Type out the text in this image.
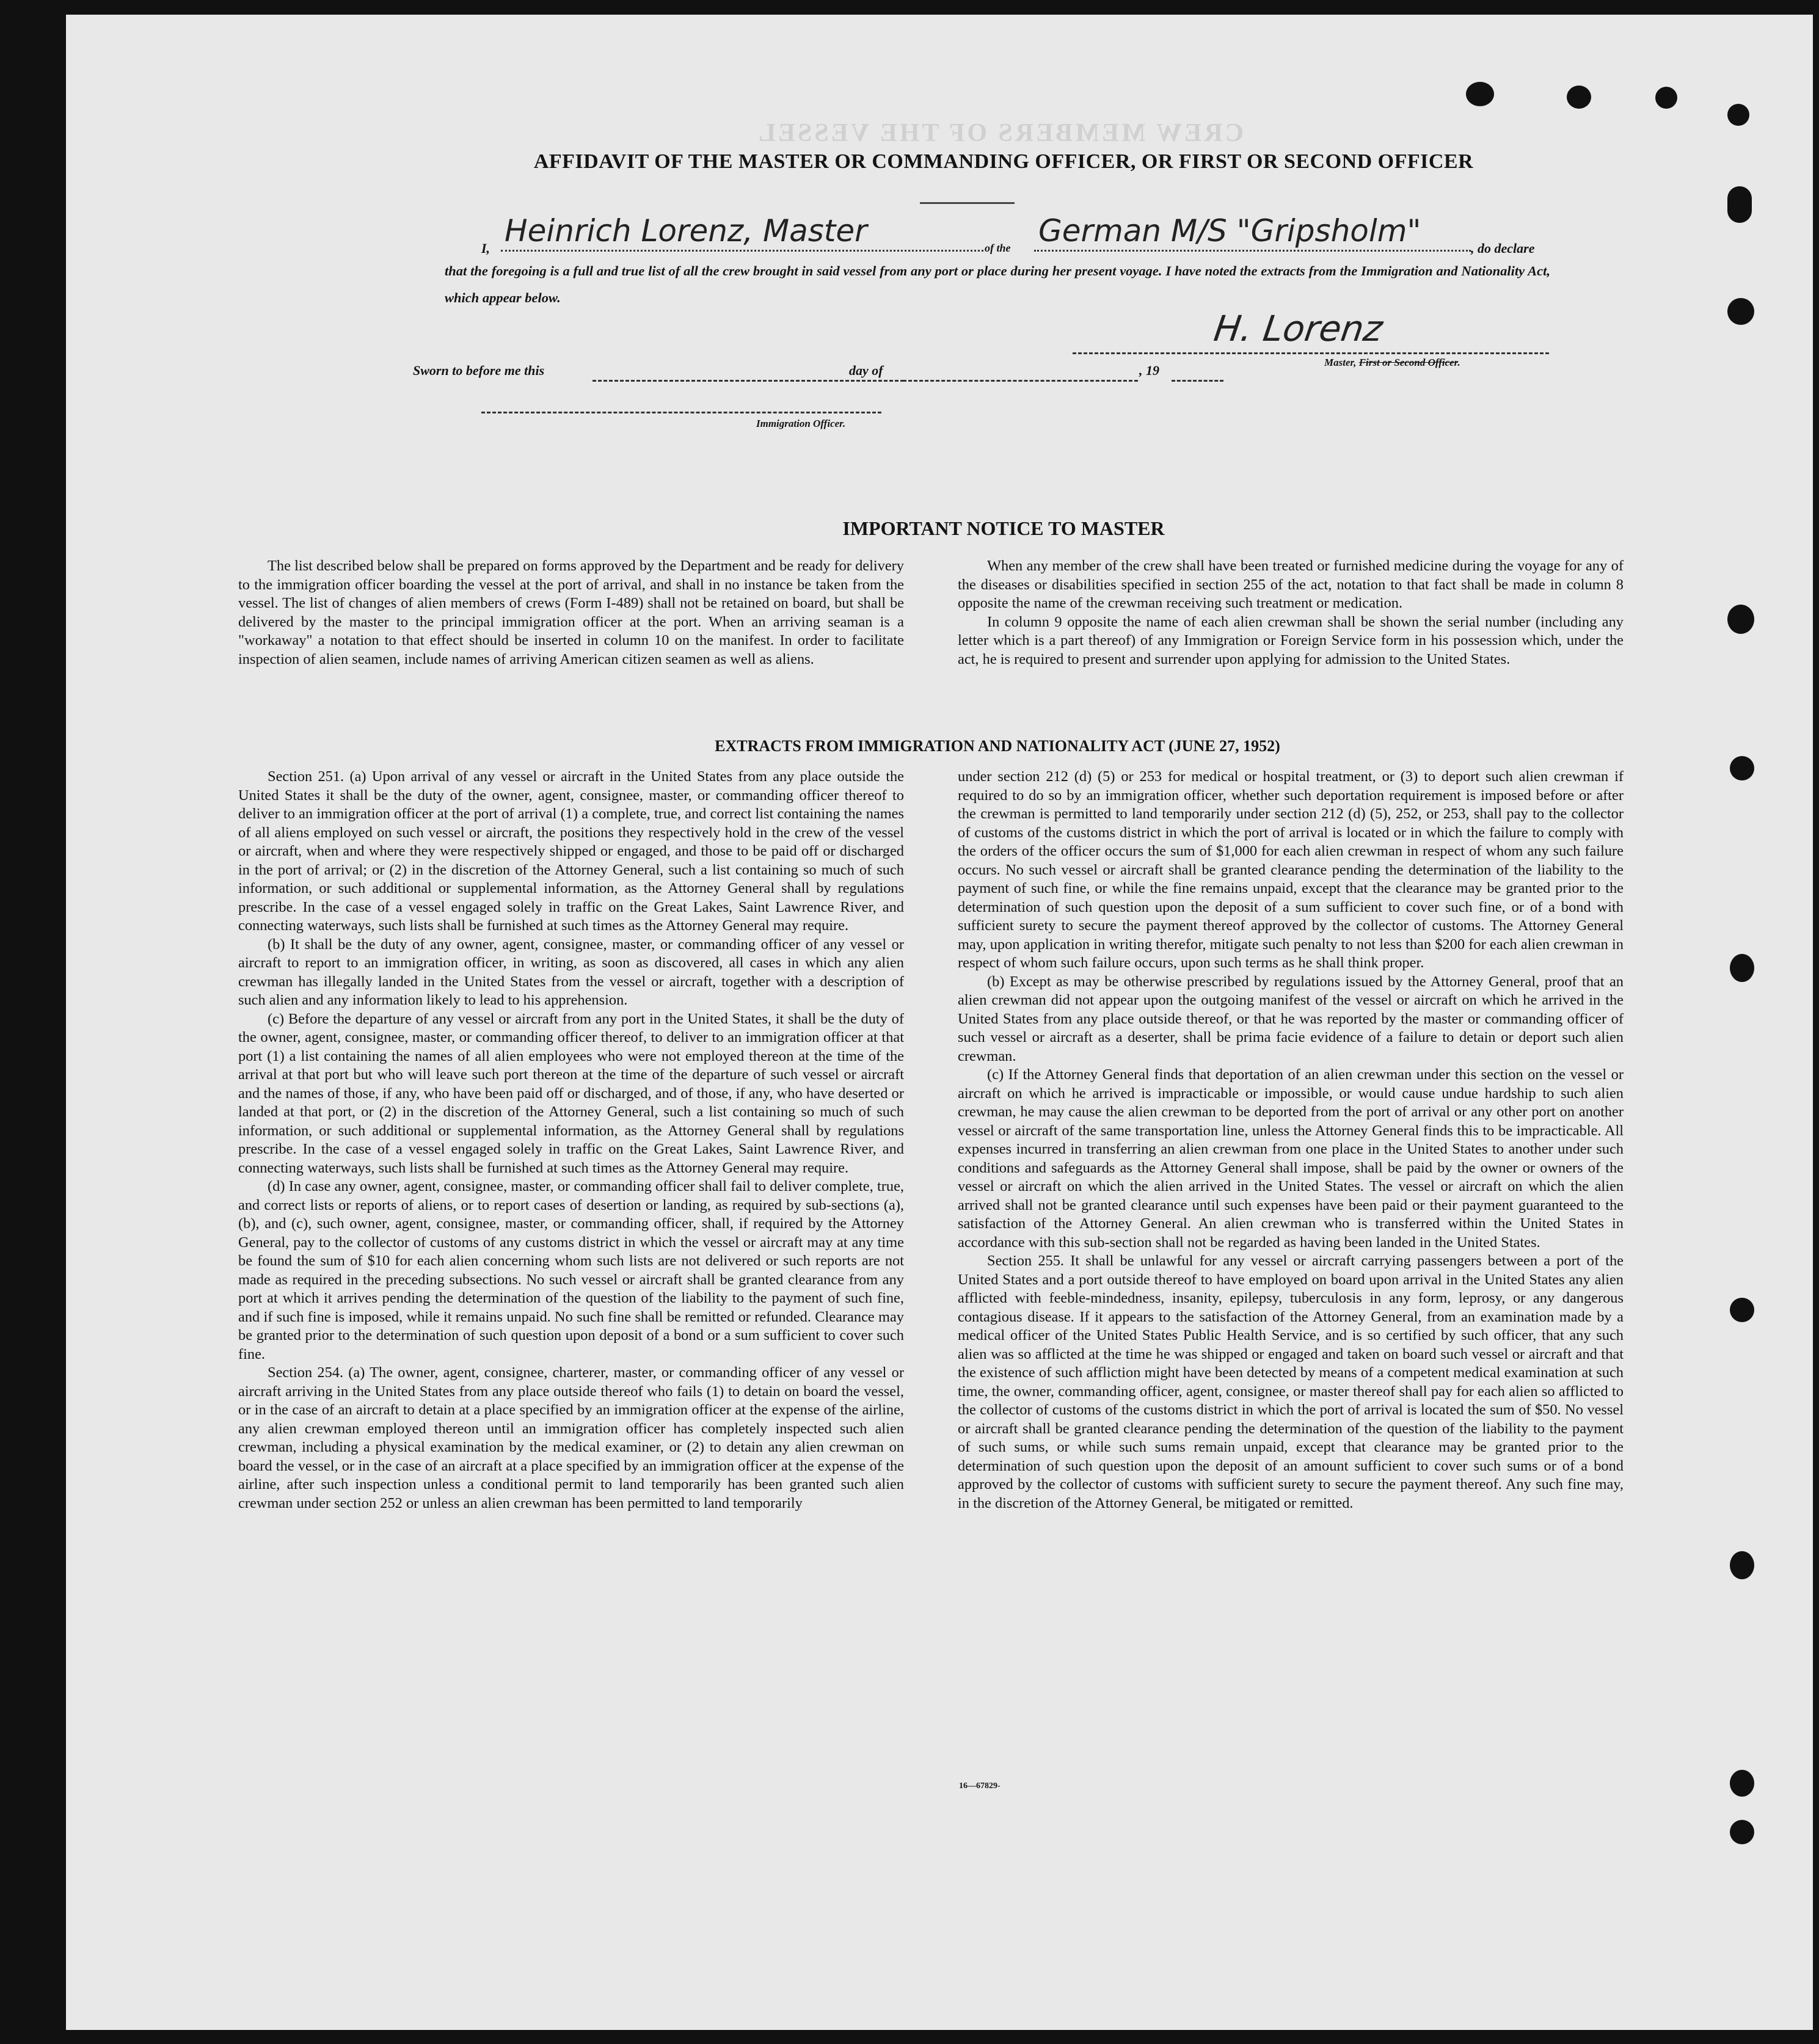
CREW MEMBERS OF THE VESSEL
AFFIDAVIT OF THE MASTER OR COMMANDING OFFICER, OR FIRST OR SECOND OFFICER
I, Heinrich Lorenz, Master	of the German M/S "Gripsholm"	, do declare
that the foregoing is a full and true list of all the crew brought in said vessel from any port or place during her present voyage. I have noted the extracts from the Immigration and Nationality Act, which appear below.
H. Lorenz
Master, First or Second Officer.
Sworn to before me this	day of	, 19
Immigration Officer.
IMPORTANT NOTICE TO MASTER

The list described below shall be prepared on forms approved by the Department and be ready for delivery to the immigration officer boarding the vessel at the port of arrival, and shall in no instance be taken from the vessel. The list of changes of alien members of crews (Form I-489) shall not be retained on board, but shall be delivered by the master to the principal immigration officer at the port. When an arriving seaman is a "workaway" a notation to that effect should be inserted in column 10 on the manifest. In order to facilitate inspection of alien seamen, include names of arriving American citizen seamen as well as aliens.

When any member of the crew shall have been treated or furnished medicine during the voyage for any of the diseases or disabilities specified in section 255 of the act, notation to that fact shall be made in column 8 opposite the name of the crewman receiving such treatment or medication.

In column 9 opposite the name of each alien crewman shall be shown the serial number (including any letter which is a part thereof) of any Immigration or Foreign Service form in his possession which, under the act, he is required to present and surrender upon applying for admission to the United States.

EXTRACTS FROM IMMIGRATION AND NATIONALITY ACT (JUNE 27, 1952)

Section 251. (a) Upon arrival of any vessel or aircraft in the United States from any place outside the United States it shall be the duty of the owner, agent, consignee, master, or commanding officer thereof to deliver to an immigration officer at the port of arrival (1) a complete, true, and correct list containing the names of all aliens employed on such vessel or aircraft, the positions they respectively hold in the crew of the vessel or aircraft, when and where they were respectively shipped or engaged, and those to be paid off or discharged in the port of arrival; or (2) in the discretion of the Attorney General, such a list containing so much of such information, or such additional or supplemental information, as the Attorney General shall by regulations prescribe. In the case of a vessel engaged solely in traffic on the Great Lakes, Saint Lawrence River, and connecting waterways, such lists shall be furnished at such times as the Attorney General may require.

(b) It shall be the duty of any owner, agent, consignee, master, or commanding officer of any vessel or aircraft to report to an immigration officer, in writing, as soon as discovered, all cases in which any alien crewman has illegally landed in the United States from the vessel or aircraft, together with a description of such alien and any information likely to lead to his apprehension.

(c) Before the departure of any vessel or aircraft from any port in the United States, it shall be the duty of the owner, agent, consignee, master, or commanding officer thereof, to deliver to an immigration officer at that port (1) a list containing the names of all alien employees who were not employed thereon at the time of the arrival at that port but who will leave such port thereon at the time of the departure of such vessel or aircraft and the names of those, if any, who have been paid off or discharged, and of those, if any, who have deserted or landed at that port, or (2) in the discretion of the Attorney General, such a list containing so much of such information, or such additional or supplemental information, as the Attorney General shall by regulations prescribe. In the case of a vessel engaged solely in traffic on the Great Lakes, Saint Lawrence River, and connecting waterways, such lists shall be furnished at such times as the Attorney General may require.

(d) In case any owner, agent, consignee, master, or commanding officer shall fail to deliver complete, true, and correct lists or reports of aliens, or to report cases of desertion or landing, as required by sub-sections (a), (b), and (c), such owner, agent, consignee, master, or commanding officer, shall, if required by the Attorney General, pay to the collector of customs of any customs district in which the vessel or aircraft may at any time be found the sum of $10 for each alien concerning whom such lists are not delivered or such reports are not made as required in the preceding subsections. No such vessel or aircraft shall be granted clearance from any port at which it arrives pending the determination of the question of the liability to the payment of such fine, and if such fine is imposed, while it remains unpaid. No such fine shall be remitted or refunded. Clearance may be granted prior to the determination of such question upon deposit of a bond or a sum sufficient to cover such fine.

Section 254. (a) The owner, agent, consignee, charterer, master, or commanding officer of any vessel or aircraft arriving in the United States from any place outside thereof who fails (1) to detain on board the vessel, or in the case of an aircraft to detain at a place specified by an immigration officer at the expense of the airline, any alien crewman employed thereon until an immigration officer has completely inspected such alien crewman, including a physical examination by the medical examiner, or (2) to detain any alien crewman on board the vessel, or in the case of an aircraft at a place specified by an immigration officer at the expense of the airline, after such inspection unless a conditional permit to land temporarily has been granted such alien crewman under section 252 or unless an alien crewman has been permitted to land temporarily

under section 212 (d) (5) or 253 for medical or hospital treatment, or (3) to deport such alien crewman if required to do so by an immigration officer, whether such deportation requirement is imposed before or after the crewman is permitted to land temporarily under section 212 (d) (5), 252, or 253, shall pay to the collector of customs of the customs district in which the port of arrival is located or in which the failure to comply with the orders of the officer occurs the sum of $1,000 for each alien crewman in respect of whom any such failure occurs. No such vessel or aircraft shall be granted clearance pending the determination of the liability to the payment of such fine, or while the fine remains unpaid, except that the clearance may be granted prior to the determination of such question upon the deposit of a sum sufficient to cover such fine, or of a bond with sufficient surety to secure the payment thereof approved by the collector of customs. The Attorney General may, upon application in writing therefor, mitigate such penalty to not less than $200 for each alien crewman in respect of whom such failure occurs, upon such terms as he shall think proper.

(b) Except as may be otherwise prescribed by regulations issued by the Attorney General, proof that an alien crewman did not appear upon the outgoing manifest of the vessel or aircraft on which he arrived in the United States from any place outside thereof, or that he was reported by the master or commanding officer of such vessel or aircraft as a deserter, shall be prima facie evidence of a failure to detain or deport such alien crewman.

(c) If the Attorney General finds that deportation of an alien crewman under this section on the vessel or aircraft on which he arrived is impracticable or impossible, or would cause undue hardship to such alien crewman, he may cause the alien crewman to be deported from the port of arrival or any other port on another vessel or aircraft of the same transportation line, unless the Attorney General finds this to be impracticable. All expenses incurred in transferring an alien crewman from one place in the United States to another under such conditions and safeguards as the Attorney General shall impose, shall be paid by the owner or owners of the vessel or aircraft on which the alien arrived in the United States. The vessel or aircraft on which the alien arrived shall not be granted clearance until such expenses have been paid or their payment guaranteed to the satisfaction of the Attorney General. An alien crewman who is transferred within the United States in accordance with this sub-section shall not be regarded as having been landed in the United States.

Section 255. It shall be unlawful for any vessel or aircraft carrying passengers between a port of the United States and a port outside thereof to have employed on board upon arrival in the United States any alien afflicted with feeble-mindedness, insanity, epilepsy, tuberculosis in any form, leprosy, or any dangerous contagious disease. If it appears to the satisfaction of the Attorney General, from an examination made by a medical officer of the United States Public Health Service, and is so certified by such officer, that any such alien was so afflicted at the time he was shipped or engaged and taken on board such vessel or aircraft and that the existence of such affliction might have been detected by means of a competent medical examination at such time, the owner, commanding officer, agent, consignee, or master thereof shall pay for each alien so afflicted to the collector of customs of the customs district in which the port of arrival is located the sum of $50. No vessel or aircraft shall be granted clearance pending the determination of the question of the liability to the payment of such sums, or while such sums remain unpaid, except that clearance may be granted prior to the determination of such question upon the deposit of an amount sufficient to cover such sums or of a bond approved by the collector of customs with sufficient surety to secure the payment thereof. Any such fine may, in the discretion of the Attorney General, be mitigated or remitted.

16—67829-
